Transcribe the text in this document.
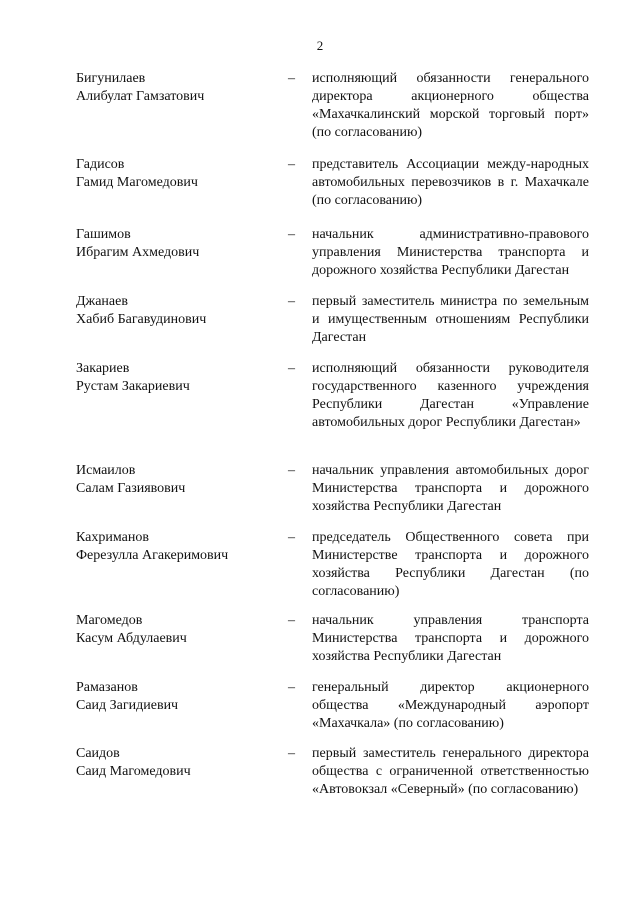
2
Бигунилаев
Алибулат Гамзатович
– исполняющий обязанности генерального директора акционерного общества «Махачкалинский морской торговый порт» (по согласованию)
Гадисов
Гамид Магомедович
– представитель Ассоциации между-народных автомобильных перевозчиков в г. Махачкале (по согласованию)
Гашимов
Ибрагим Ахмедович
– начальник административно-правового управления Министерства транспорта и дорожного хозяйства Республики Дагестан
Джанаев
Хабиб Багавудинович
– первый заместитель министра по земельным и имущественным отношениям Республики Дагестан
Закариев
Рустам Закариевич
– исполняющий обязанности руководителя государственного казенного учреждения Республики Дагестан «Управление автомобильных дорог Республики Дагестан»
Исмаилов
Салам Газиявович
– начальник управления автомобильных дорог Министерства транспорта и дорожного хозяйства Республики Дагестан
Кахриманов
Ферезулла Агакеримович
– председатель Общественного совета при Министерстве транспорта и дорожного хозяйства Республики Дагестан (по согласованию)
Магомедов
Касум Абдулаевич
– начальник управления транспорта Министерства транспорта и дорожного хозяйства Республики Дагестан
Рамазанов
Саид Загидиевич
– генеральный директор акционерного общества «Международный аэропорт «Махачкала» (по согласованию)
Саидов
Саид Магомедович
– первый заместитель генерального директора общества с ограниченной ответственностью «Автовокзал «Северный» (по согласованию)
